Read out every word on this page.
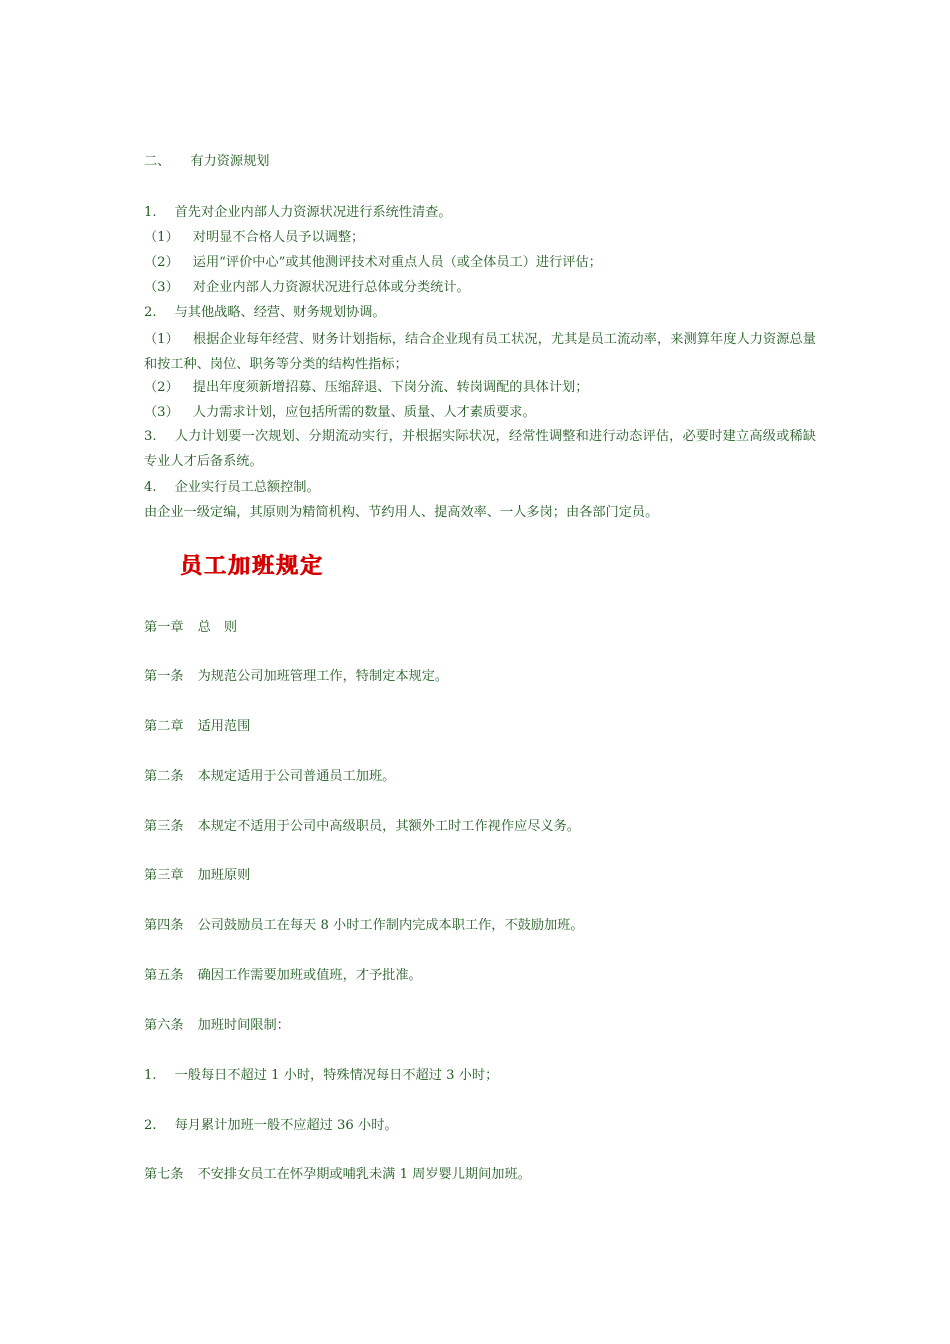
二、 有力资源规划
1. 首先对企业内部人力资源状况进行系统性清查。
（1） 对明显不合格人员予以调整；
（2） 运用“评价中心”或其他测评技术对重点人员（或全体员工）进行评估；
（3） 对企业内部人力资源状况进行总体或分类统计。
2. 与其他战略、经营、财务规划协调。
（1） 根据企业每年经营、财务计划指标，结合企业现有员工状况，尤其是员工流动率，来测算年度人力资源总量和按工种、岗位、职务等分类的结构性指标；
（2） 提出年度须新增招募、压缩辞退、下岗分流、转岗调配的具体计划；
（3） 人力需求计划，应包括所需的数量、质量、人才素质要求。
3. 人力计划要一次规划、分期流动实行，并根据实际状况，经常性调整和进行动态评估，必要时建立高级或稀缺专业人才后备系统。
4. 企业实行员工总额控制。
由企业一级定编，其原则为精简机构、节约用人、提高效率、一人多岗；由各部门定员。
员工加班规定
第一章 总　则
第一条 为规范公司加班管理工作，特制定本规定。
第二章 适用范围
第二条 本规定适用于公司普通员工加班。
第三条 本规定不适用于公司中高级职员，其额外工时工作视作应尽义务。
第三章 加班原则
第四条 公司鼓励员工在每天 8 小时工作制内完成本职工作，不鼓励加班。
第五条 确因工作需要加班或值班，才予批准。
第六条 加班时间限制：
1. 一般每日不超过 1 小时，特殊情况每日不超过 3 小时；
2. 每月累计加班一般不应超过 36 小时。
第七条 不安排女员工在怀孕期或哺乳未满 1 周岁婴儿期间加班。
